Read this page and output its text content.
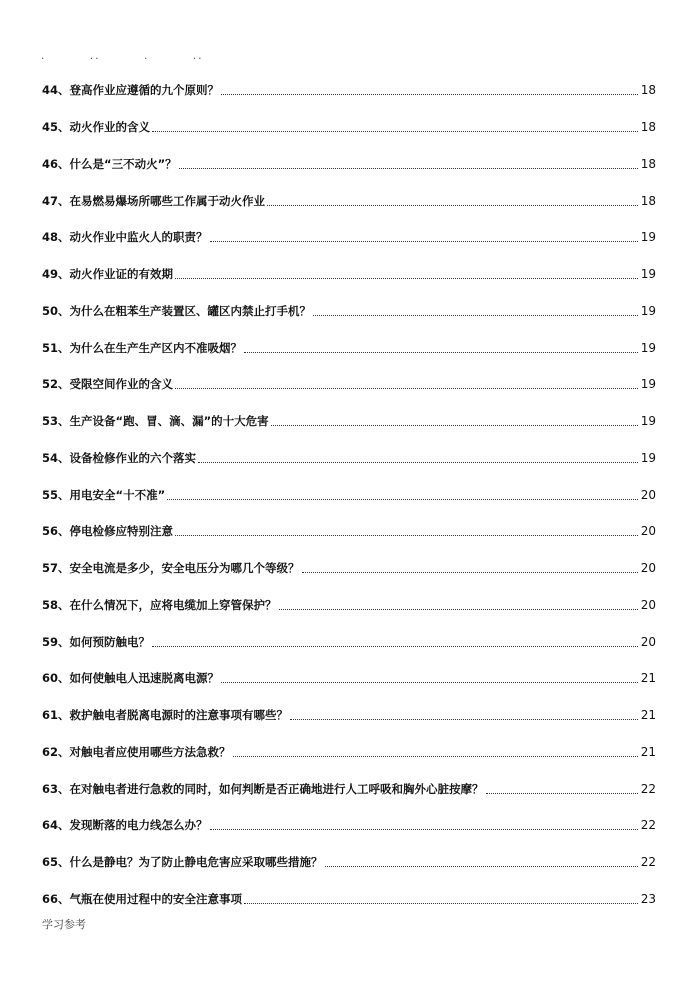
.        ..        .        ..
44、登高作业应遵循的九个原则？	18
45、动火作业的含义	18
46、什么是“三不动火”？	18
47、在易燃易爆场所哪些工作属于动火作业	18
48、动火作业中监火人的职责？	19
49、动火作业证的有效期	19
50、为什么在粗苯生产装置区、罐区内禁止打手机？	19
51、为什么在生产生产区内不准吸烟？	19
52、受限空间作业的含义	19
53、生产设备“跑、冒、滴、漏”的十大危害	19
54、设备检修作业的六个落实	19
55、用电安全“十不准”	20
56、停电检修应特别注意	20
57、安全电流是多少，安全电压分为哪几个等级？	20
58、在什么情况下，应将电缆加上穿管保护？	20
59、如何预防触电？	20
60、如何使触电人迅速脱离电源？	21
61、救护触电者脱离电源时的注意事项有哪些？	21
62、对触电者应使用哪些方法急救？	21
63、在对触电者进行急救的同时，如何判断是否正确地进行人工呼吸和胸外心脏按摩？	22
64、发现断落的电力线怎么办？	22
65、什么是静电？为了防止静电危害应采取哪些措施？	22
66、气瓶在使用过程中的安全注意事项	23
学习参考
